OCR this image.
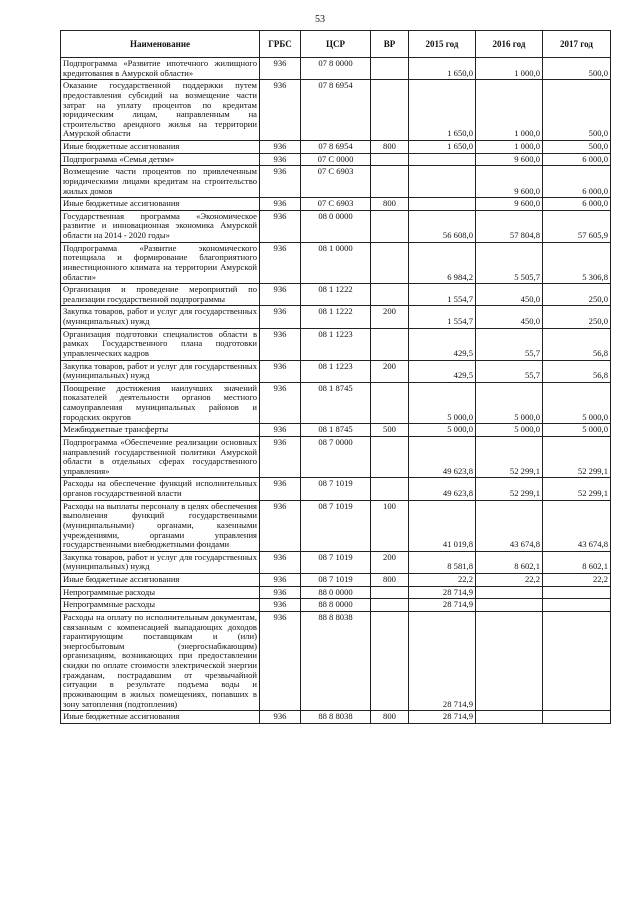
53
Наименование	ГРБС	ЦСР	ВР	2015 год	2016 год	2017 год
Подпрограмма «Развитие ипотечного жилищного кредитования в Амурской области»	936	07 8 0000		1 650,0	1 000,0	500,0
Оказание государственной поддержки путем предоставления субсидий на возмещение части затрат на уплату процентов по кредитам юридическим лицам, направленным на строительство арендного жилья на территории Амурской области	936	07 8 6954		1 650,0	1 000,0	500,0
Иные бюджетные ассигнования	936	07 8 6954	800	1 650,0	1 000,0	500,0
Подпрограмма «Семья детям»	936	07 С 0000			9 600,0	6 000,0
Возмещение части процентов по привлеченным юридическими лицами кредитам на строительство жилых домов	936	07 С 6903			9 600,0	6 000,0
Иные бюджетные ассигнования	936	07 С 6903	800		9 600,0	6 000,0
Государственная программа «Экономическое развитие и инновационная экономика Амурской области на 2014 - 2020 годы»	936	08 0 0000		56 608,0	57 804,8	57 605,9
Подпрограмма «Развитие экономического потенциала и формирование благоприятного инвестиционного климата на территории Амурской области»	936	08 1 0000		6 984,2	5 505,7	5 306,8
Организация и проведение мероприятий по реализации государственной подпрограммы	936	08 1 1222		1 554,7	450,0	250,0
Закупка товаров, работ и услуг для государственных (муниципальных) нужд	936	08 1 1222	200	1 554,7	450,0	250,0
Организация подготовки специалистов области в рамках Государственного плана подготовки управленческих кадров	936	08 1 1223		429,5	55,7	56,8
Закупка товаров, работ и услуг для государственных (муниципальных) нужд	936	08 1 1223	200	429,5	55,7	56,8
Поощрение достижения наилучших значений показателей деятельности органов местного самоуправления муниципальных районов и городских округов	936	08 1 8745		5 000,0	5 000,0	5 000,0
Межбюджетные трансферты	936	08 1 8745	500	5 000,0	5 000,0	5 000,0
Подпрограмма «Обеспечение реализации основных направлений государственной политики Амурской области в отдельных сферах государственного управления»	936	08 7 0000		49 623,8	52 299,1	52 299,1
Расходы на обеспечение функций исполнительных органов государственной власти	936	08 7 1019		49 623,8	52 299,1	52 299,1
Расходы на выплаты персоналу в целях обеспечения выполнения функций государственными (муниципальными) органами, казенными учреждениями, органами управления государственными внебюджетными фондами	936	08 7 1019	100	41 019,8	43 674,8	43 674,8
Закупка товаров, работ и услуг для государственных (муниципальных) нужд	936	08 7 1019	200	8 581,8	8 602,1	8 602,1
Иные бюджетные ассигнования	936	08 7 1019	800	22,2	22,2	22,2
Непрограммные расходы	936	88 0 0000		28 714,9		
Непрограммные расходы	936	88 8 0000		28 714,9		
Расходы на оплату по исполнительным документам, связанным с компенсацией выпадающих доходов гарантирующим поставщикам и (или) энергосбытовым (энергоснабжающим) организациям, возникающих при предоставлении скидки по оплате стоимости электрической энергии гражданам, пострадавшим от чрезвычайной ситуации в результате подъема воды и проживающим в жилых помещениях, попавших в зону затопления (подтопления)	936	88 8 8038		28 714,9		
Иные бюджетные ассигнования	936	88 8 8038	800	28 714,9		
